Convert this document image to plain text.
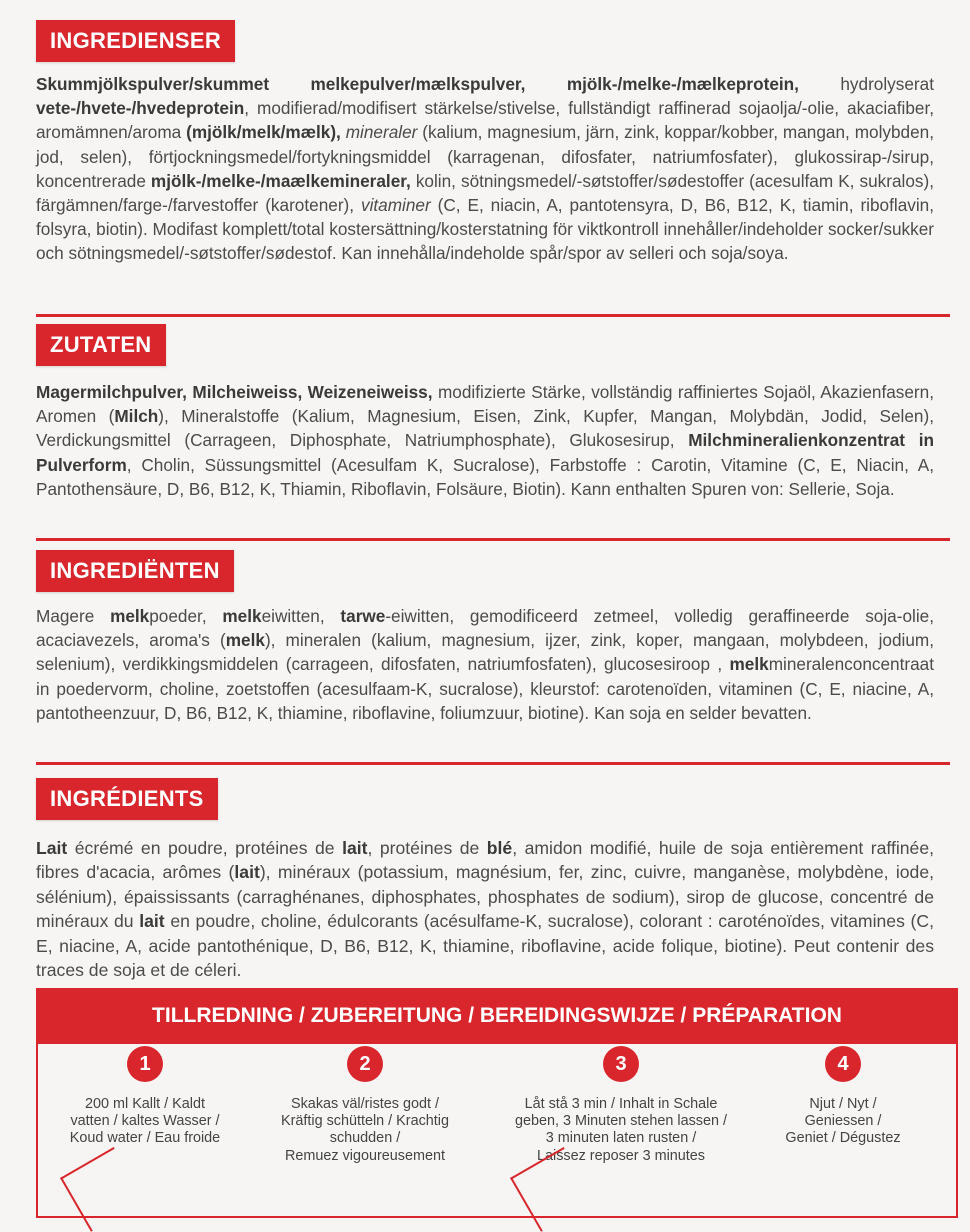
INGREDIENSER
Skummjölkspulver/skummet melkepulver/mælkspulver, mjölk-/melke-/mælkeprotein, hydrolyserat vete-/hvete-/hvedeprotein, modifierad/modifisert stärkelse/stivelse, fullständigt raffinerad sojaolja/-olie, akaciafiber, aromämnen/aroma (mjölk/melk/mælk), mineraler (kalium, magnesium, järn, zink, koppar/kobber, mangan, molybden, jod, selen), förtjockningsmedel/fortykningsmiddel (karragenan, difosfater, natriumfosfater), glukossirap-/sirup, koncentrerade mjölk-/melke-/maælkemineraler, kolin, sötningsmedel/-søtstoffer/sødestoffer (acesulfam K, sukralos), färgämnen/farge-/farvestoffer (karotener), vitaminer (C, E, niacin, A, pantotensyra, D, B6, B12, K, tiamin, riboflavin, folsyra, biotin). Modifast komplett/total kostersättning/kosterstatning för viktkontroll innehåller/indeholder socker/sukker och sötningsmedel/-søtstoffer/sødestof. Kan innehålla/indeholde spår/spor av selleri och soja/soya.
ZUTATEN
Magermilchpulver, Milcheiweiss, Weizeneiweiss, modifizierte Stärke, vollständig raffiniertes Sojaöl, Akazienfasern, Aromen (Milch), Mineralstoffe (Kalium, Magnesium, Eisen, Zink, Kupfer, Mangan, Molybdän, Jodid, Selen), Verdickungsmittel (Carrageen, Diphosphate, Natriumphosphate), Glukosesirup, Milchmineralienkonzentrat in Pulverform, Cholin, Süssungsmittel (Acesulfam K, Sucralose), Farbstoffe : Carotin, Vitamine (C, E, Niacin, A, Pantothensäure, D, B6, B12, K, Thiamin, Riboflavin, Folsäure, Biotin). Kann enthalten Spuren von: Sellerie, Soja.
INGREDIËNTEN
Magere melkpoeder, melkeiwitten, tarwe-eiwitten, gemodificeerd zetmeel, volledig geraffineerde soja-olie, acaciavezels, aroma's (melk), mineralen (kalium, magnesium, ijzer, zink, koper, mangaan, molybdeen, jodium, selenium), verdikkingsmiddelen (carrageen, difosfaten, natriumfosfaten), glucosesiroop , melkmineralenconcentraat in poedervorm, choline, zoetstoffen (acesulfaam-K, sucralose), kleurstof: carotenoïden, vitaminen (C, E, niacine, A, pantotheenzuur, D, B6, B12, K, thiamine, riboflavine, foliumzuur, biotine). Kan soja en selder bevatten.
INGRÉDIENTS
Lait écrémé en poudre, protéines de lait, protéines de blé, amidon modifié, huile de soja entièrement raffinée, fibres d'acacia, arômes (lait), minéraux (potassium, magnésium, fer, zinc, cuivre, manganèse, molybdène, iode, sélénium), épaississants (carraghénanes, diphosphates, phosphates de sodium), sirop de glucose, concentré de minéraux du lait en poudre, choline, édulcorants (acésulfame-K, sucralose), colorant : caroténoïdes, vitamines (C, E, niacine, A, acide pantothénique, D, B6, B12, K, thiamine, riboflavine, acide folique, biotine). Peut contenir des traces de soja et de céleri.
TILLREDNING / ZUBEREITUNG / BEREIDINGSWIJZE / PRÉPARATION
1
200 ml Kallt / Kaldt
vatten / kaltes Wasser /
Koud water / Eau froide
2
Skakas väl/ristes godt /
Kräftig schütteln / Krachtig schudden /
Remuez vigoureusement
3
Låt stå 3 min / Inhalt in Schale
geben, 3 Minuten stehen lassen /
3 minuten laten rusten /
Laissez reposer 3 minutes
4
Njut / Nyt /
Geniessen /
Geniet / Dégustez
